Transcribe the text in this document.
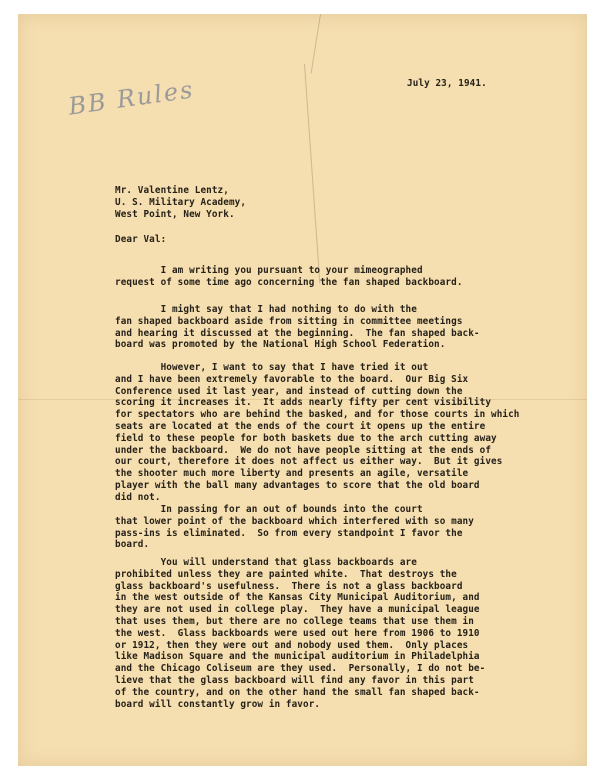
BB Rules	July 23, 1941.
Mr. Valentine Lentz,
U. S. Military Academy,
West Point, New York.
Dear Val:
I am writing you pursuant to your mimeographed
request of some time ago concerning the fan shaped backboard.
I might say that I had nothing to do with the
fan shaped backboard aside from sitting in committee meetings
and hearing it discussed at the beginning.  The fan shaped back-
board was promoted by the National High School Federation.
However, I want to say that I have tried it out
and I have been extremely favorable to the board.  Our Big Six
Conference used it last year, and instead of cutting down the
scoring it increases it.  It adds nearly fifty per cent visibility
for spectators who are behind the basked, and for those courts in which
seats are located at the ends of the court it opens up the entire
field to these people for both baskets due to the arch cutting away
under the backboard.  We do not have people sitting at the ends of
our court, therefore it does not affect us either way.  But it gives
the shooter much more liberty and presents an agile, versatile
player with the ball many advantages to score that the old board
did not.
In passing for an out of bounds into the court
that lower point of the backboard which interfered with so many
pass-ins is eliminated.  So from every standpoint I favor the
board.
You will understand that glass backboards are
prohibited unless they are painted white.  That destroys the
glass backboard's usefulness.  There is not a glass backboard
in the west outside of the Kansas City Municipal Auditorium, and
they are not used in college play.  They have a municipal league
that uses them, but there are no college teams that use them in
the west.  Glass backboards were used out here from 1906 to 1910
or 1912, then they were out and nobody used them.  Only places
like Madison Square and the municipal auditorium in Philadelphia
and the Chicago Coliseum are they used.  Personally, I do not be-
lieve that the glass backboard will find any favor in this part
of the country, and on the other hand the small fan shaped back-
board will constantly grow in favor.
